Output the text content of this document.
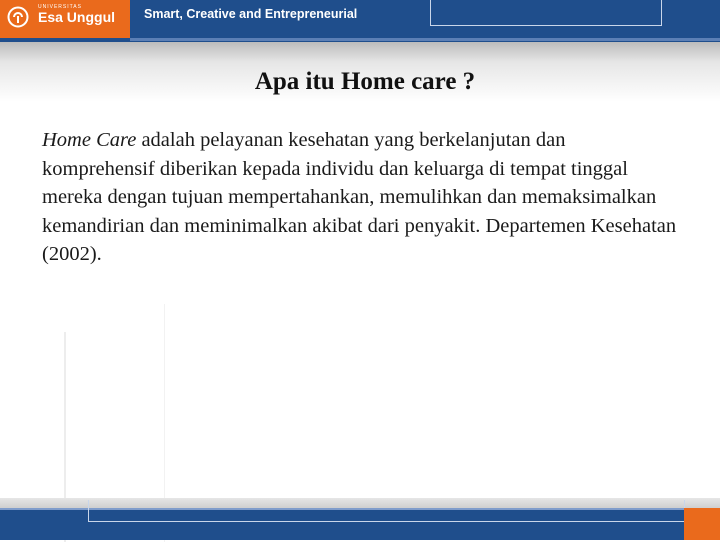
UNIVERSITAS
Esa Unggul Smart, Creative and Entrepreneurial
Apa itu Home care ?
Home Care adalah pelayanan kesehatan yang berkelanjutan dan komprehensif diberikan kepada individu dan keluarga di tempat tinggal mereka dengan tujuan mempertahankan, memulihkan dan memaksimalkan kemandirian dan meminimalkan akibat dari penyakit. Departemen Kesehatan (2002).
